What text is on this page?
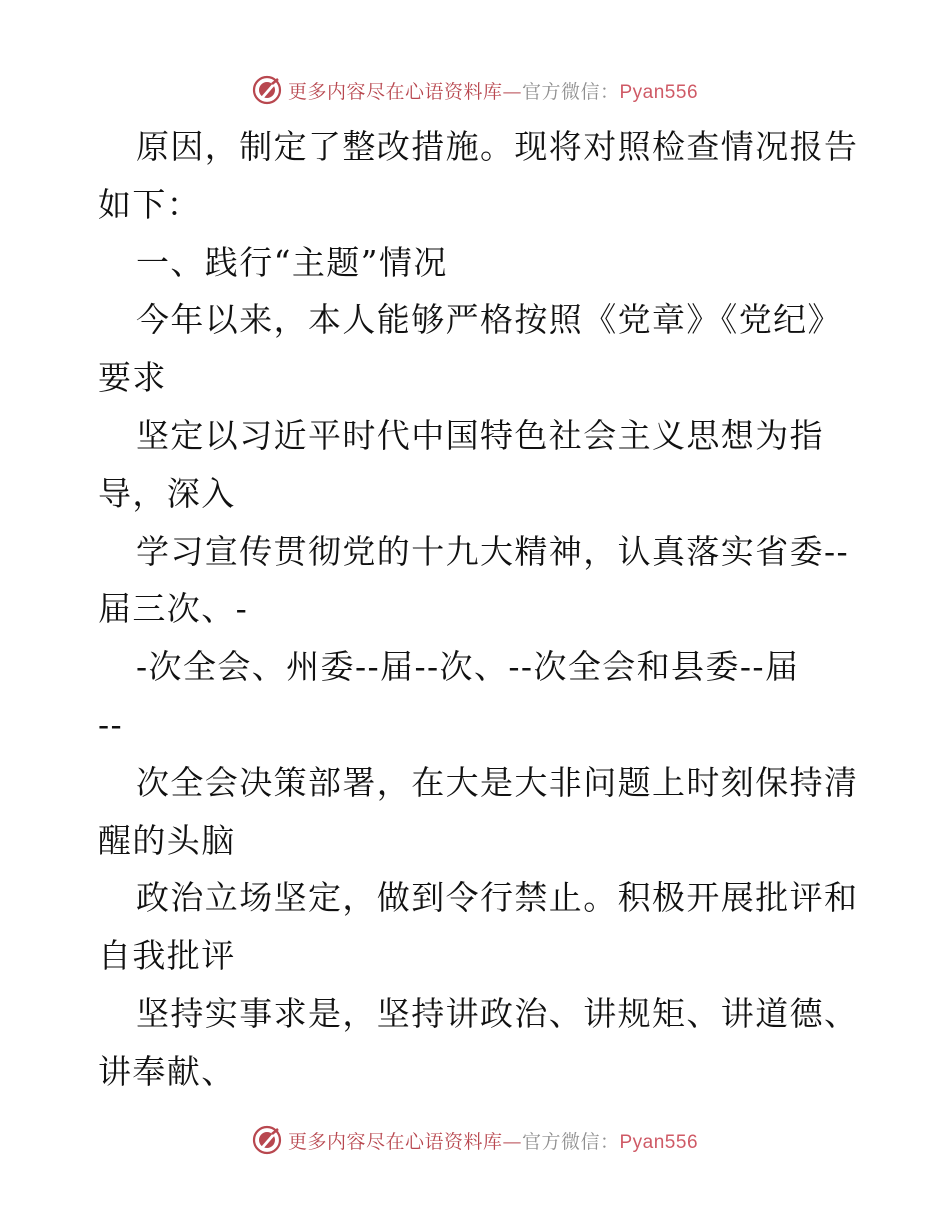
更多内容尽在心语资料库—官方微信：Pyan556
原因，制定了整改措施。现将对照检查情况报告
如下：
一、践行“主题”情况
今年以来，本人能够严格按照《党章》《党纪》
要求
坚定以习近平时代中国特色社会主义思想为指
导，深入
学习宣传贯彻党的十九大精神，认真落实省委--
届三次、-
-次全会、州委--届--次、--次全会和县委--届
--
次全会决策部署，在大是大非问题上时刻保持清
醒的头脑
政治立场坚定，做到令行禁止。积极开展批评和
自我批评
坚持实事求是，坚持讲政治、讲规矩、讲道德、
讲奉献、
更多内容尽在心语资料库—官方微信：Pyan556
